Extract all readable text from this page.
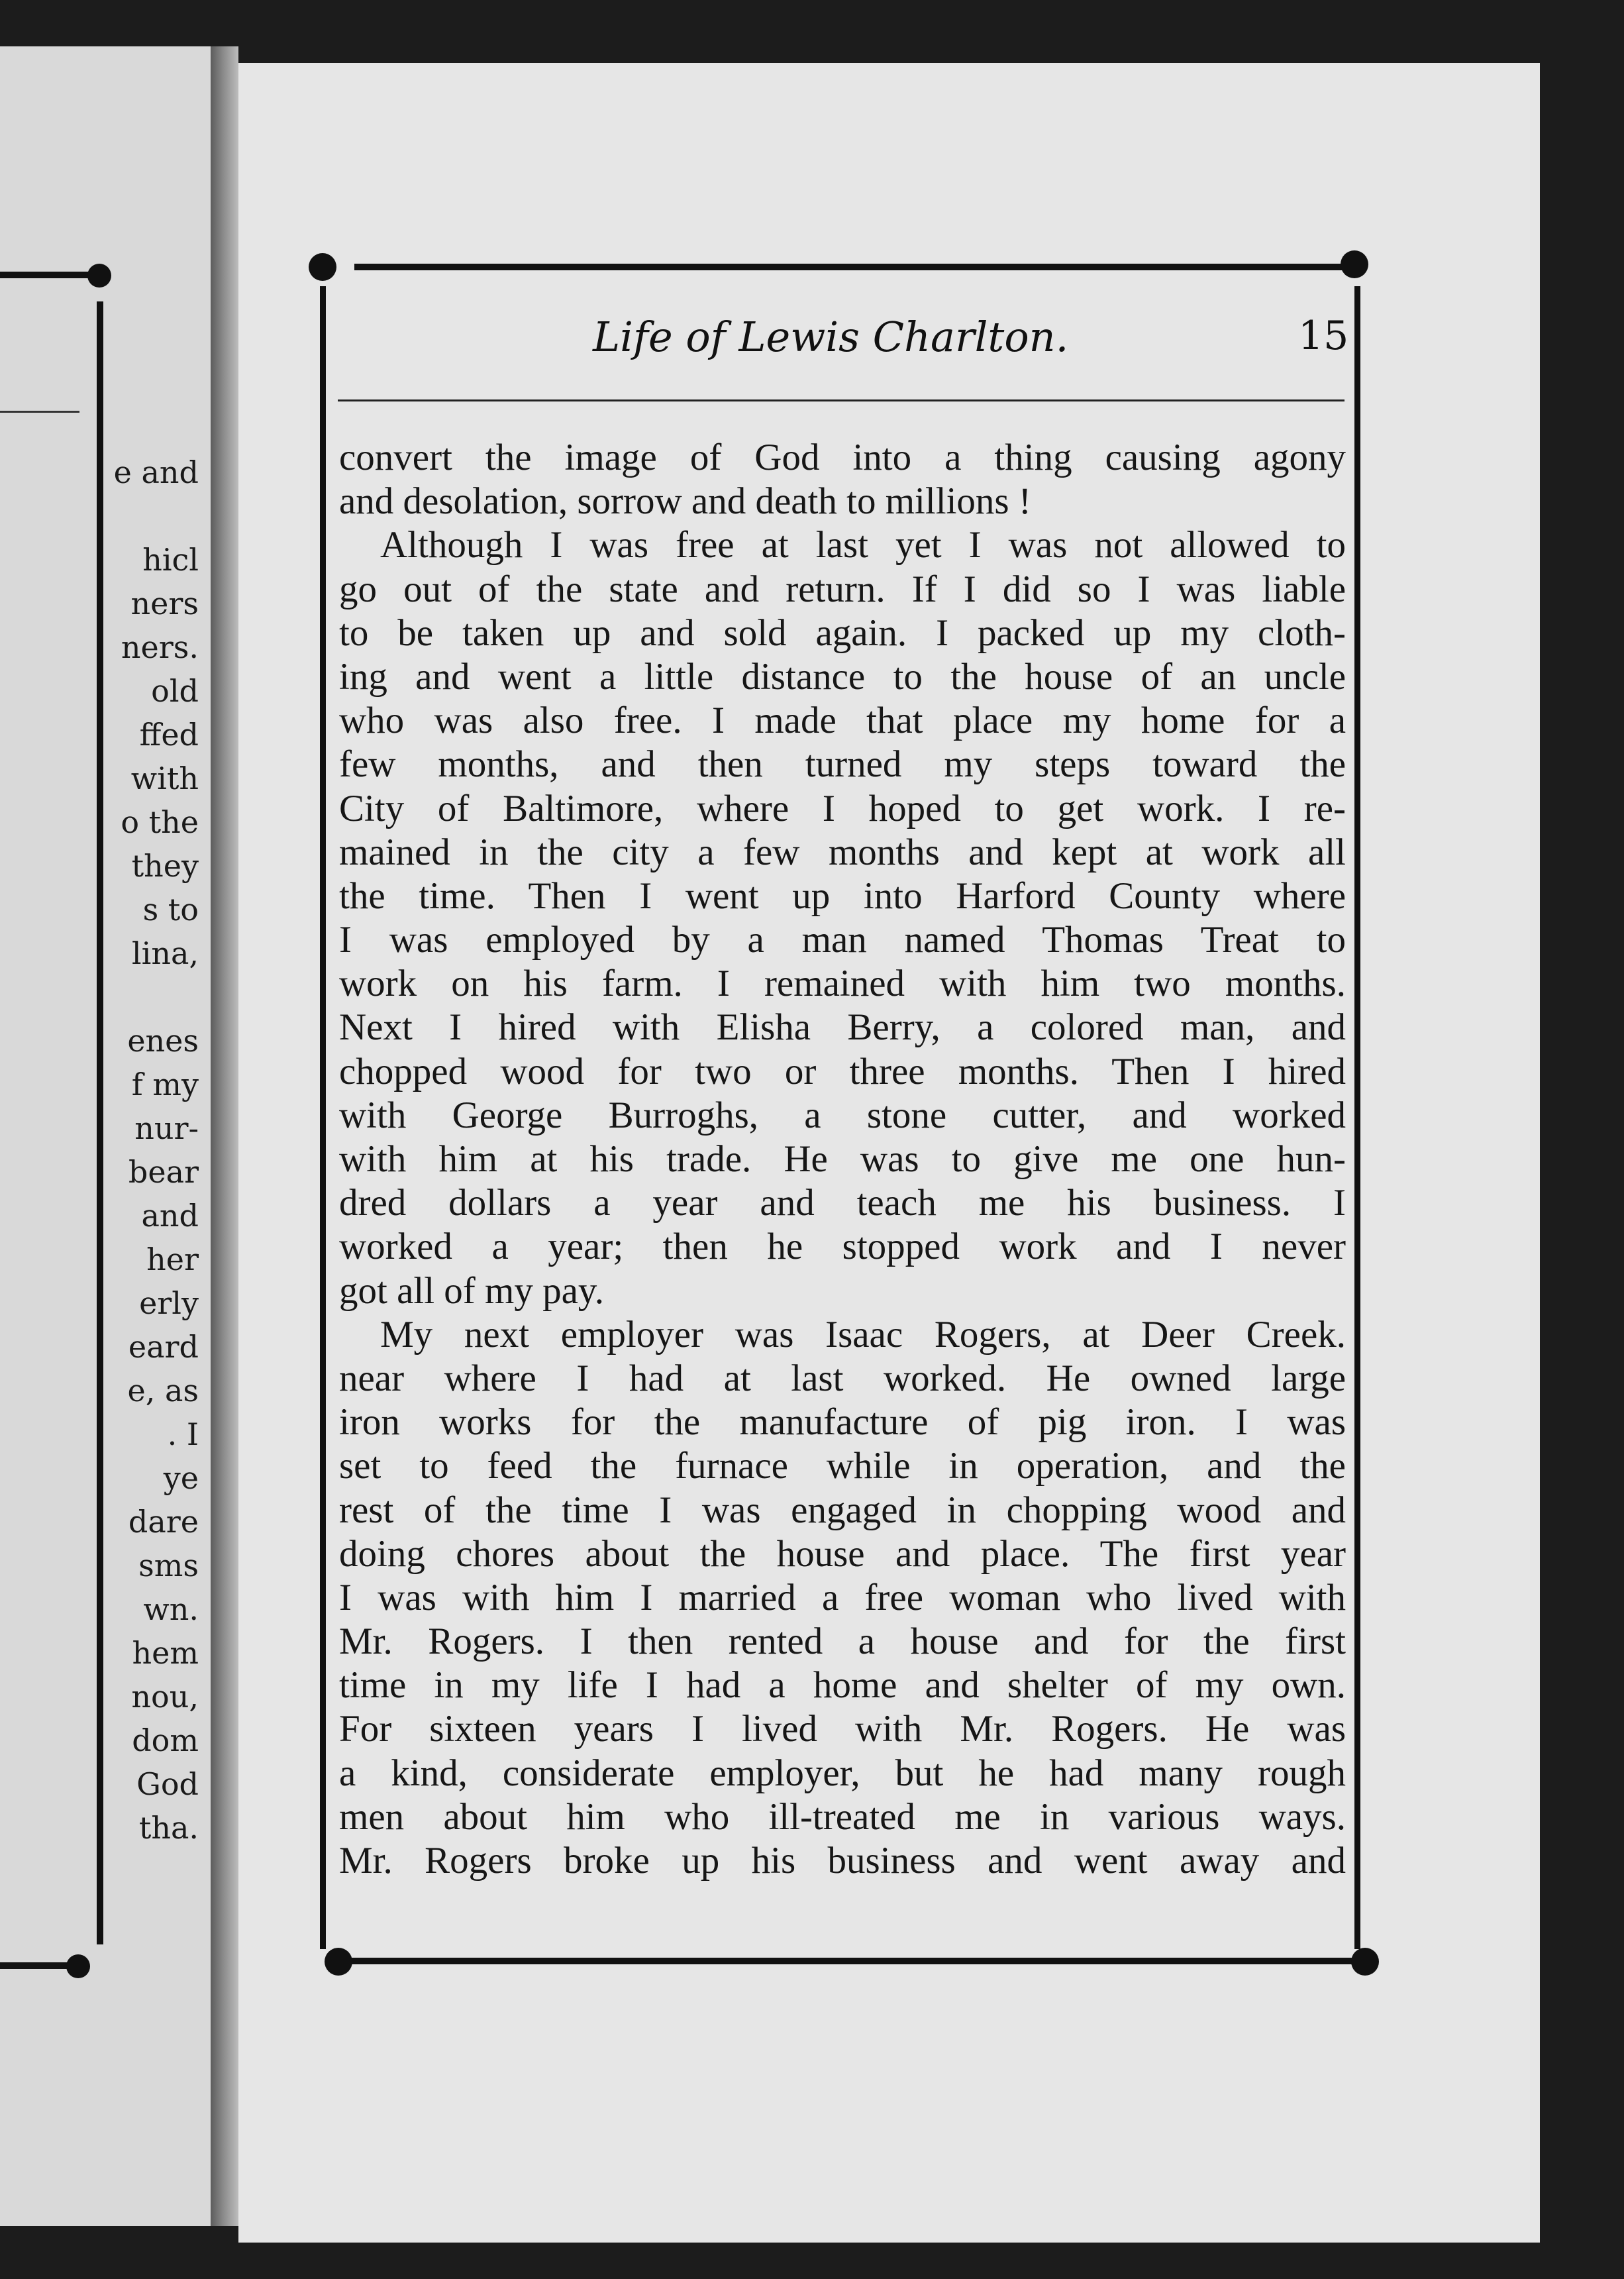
e and
hicl
ners
ners.
old
ffed
with
o the
they
s to
lina,
enes
f my
nur-
bear
and
her
erly
eard
e, as
. I
ye
dare
sms
wn.
hem
nou,
dom
God
tha.
Life of Lewis Charlton.	15
convert the image of God into a thing causing agony
and desolation, sorrow and death to millions !
Although I was free at last yet I was not allowed to
go out of the state and return. If I did so I was liable
to be taken up and sold again. I packed up my cloth-
ing and went a little distance to the house of an uncle
who was also free. I made that place my home for a
few months, and then turned my steps toward the
City of Baltimore, where I hoped to get work. I re-
mained in the city a few months and kept at work all
the time. Then I went up into Harford County where
I was employed by a man named Thomas Treat to
work on his farm. I remained with him two months.
Next I hired with Elisha Berry, a colored man, and
chopped wood for two or three months. Then I hired
with George Burroghs, a stone cutter, and worked
with him at his trade. He was to give me one hun-
dred dollars a year and teach me his business. I
worked a year; then he stopped work and I never
got all of my pay.
My next employer was Isaac Rogers, at Deer Creek.
near where I had at last worked. He owned large
iron works for the manufacture of pig iron. I was
set to feed the furnace while in operation, and the
rest of the time I was engaged in chopping wood and
doing chores about the house and place. The first year
I was with him I married a free woman who lived with
Mr. Rogers. I then rented a house and for the first
time in my life I had a home and shelter of my own.
For sixteen years I lived with Mr. Rogers. He was
a kind, considerate employer, but he had many rough
men about him who ill-treated me in various ways.
Mr. Rogers broke up his business and went away and
